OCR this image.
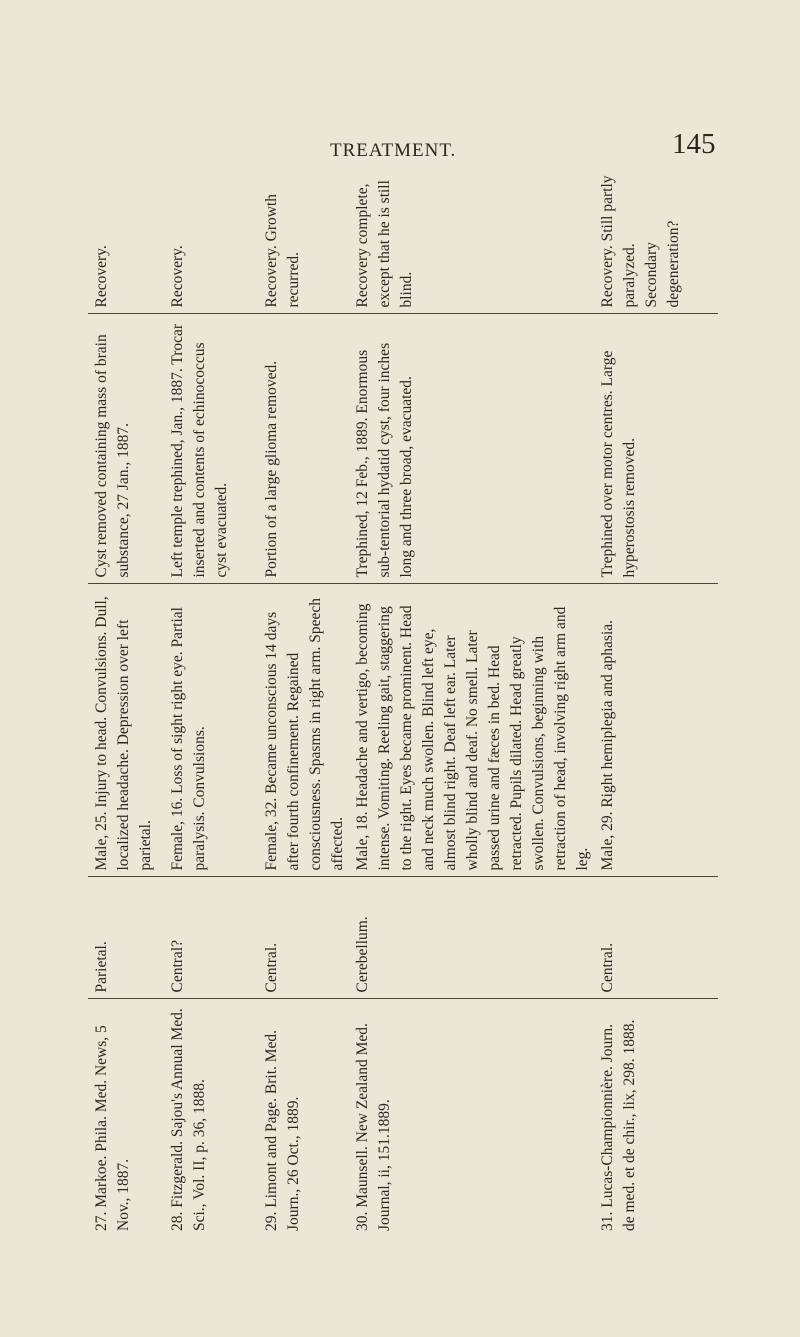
TREATMENT.	145
27. Markoe. Phila. Med. News, 5 Nov., 1887.	Parietal.	Male, 25. Injury to head. Convulsions. Dull, localized headache. Depression over left parietal.	Cyst removed containing mass of brain substance, 27 Jan., 1887.	Recovery.

28. Fitzgerald. Sajou's Annual Med. Sci., Vol. II, p. 36, 1888.	Central?	Female, 16. Loss of sight right eye. Partial paralysis. Convulsions.	Left temple trephined, Jan., 1887. Trocar inserted and contents of echinococcus cyst evacuated.	Recovery.

29. Limont and Page. Brit. Med. Journ., 26 Oct., 1889.	Central.	Female, 32. Became unconscious 14 days after fourth confinement. Regained consciousness. Spasms in right arm. Speech affected.	Portion of a large glioma removed.	Recovery. Growth recurred.

30. Maunsell. New Zealand Med. Journal, ii, 151.1889.	Cerebellum.	Male, 18. Headache and vertigo, becoming intense. Vomiting. Reeling gait, staggering to the right. Eyes became prominent. Head and neck much swollen. Blind left eye, almost blind right. Deaf left ear. Later wholly blind and deaf. No smell. Later passed urine and fæces in bed. Head retracted. Pupils dilated. Head greatly swollen. Convulsions, beginning with retraction of head, involving right arm and leg.	Trephined, 12 Feb., 1889. Enormous sub-tentorial hydatid cyst, four inches long and three broad, evacuated.	Recovery complete, except that he is still blind.

31. Lucas-Championnière. Journ. de med. et de chir., lix, 298. 1888.	Central.	Male, 29. Right hemiplegia and aphasia.	Trephined over motor centres. Large hyperostosis removed.	Recovery. Still partly paralyzed. Secondary degeneration?
